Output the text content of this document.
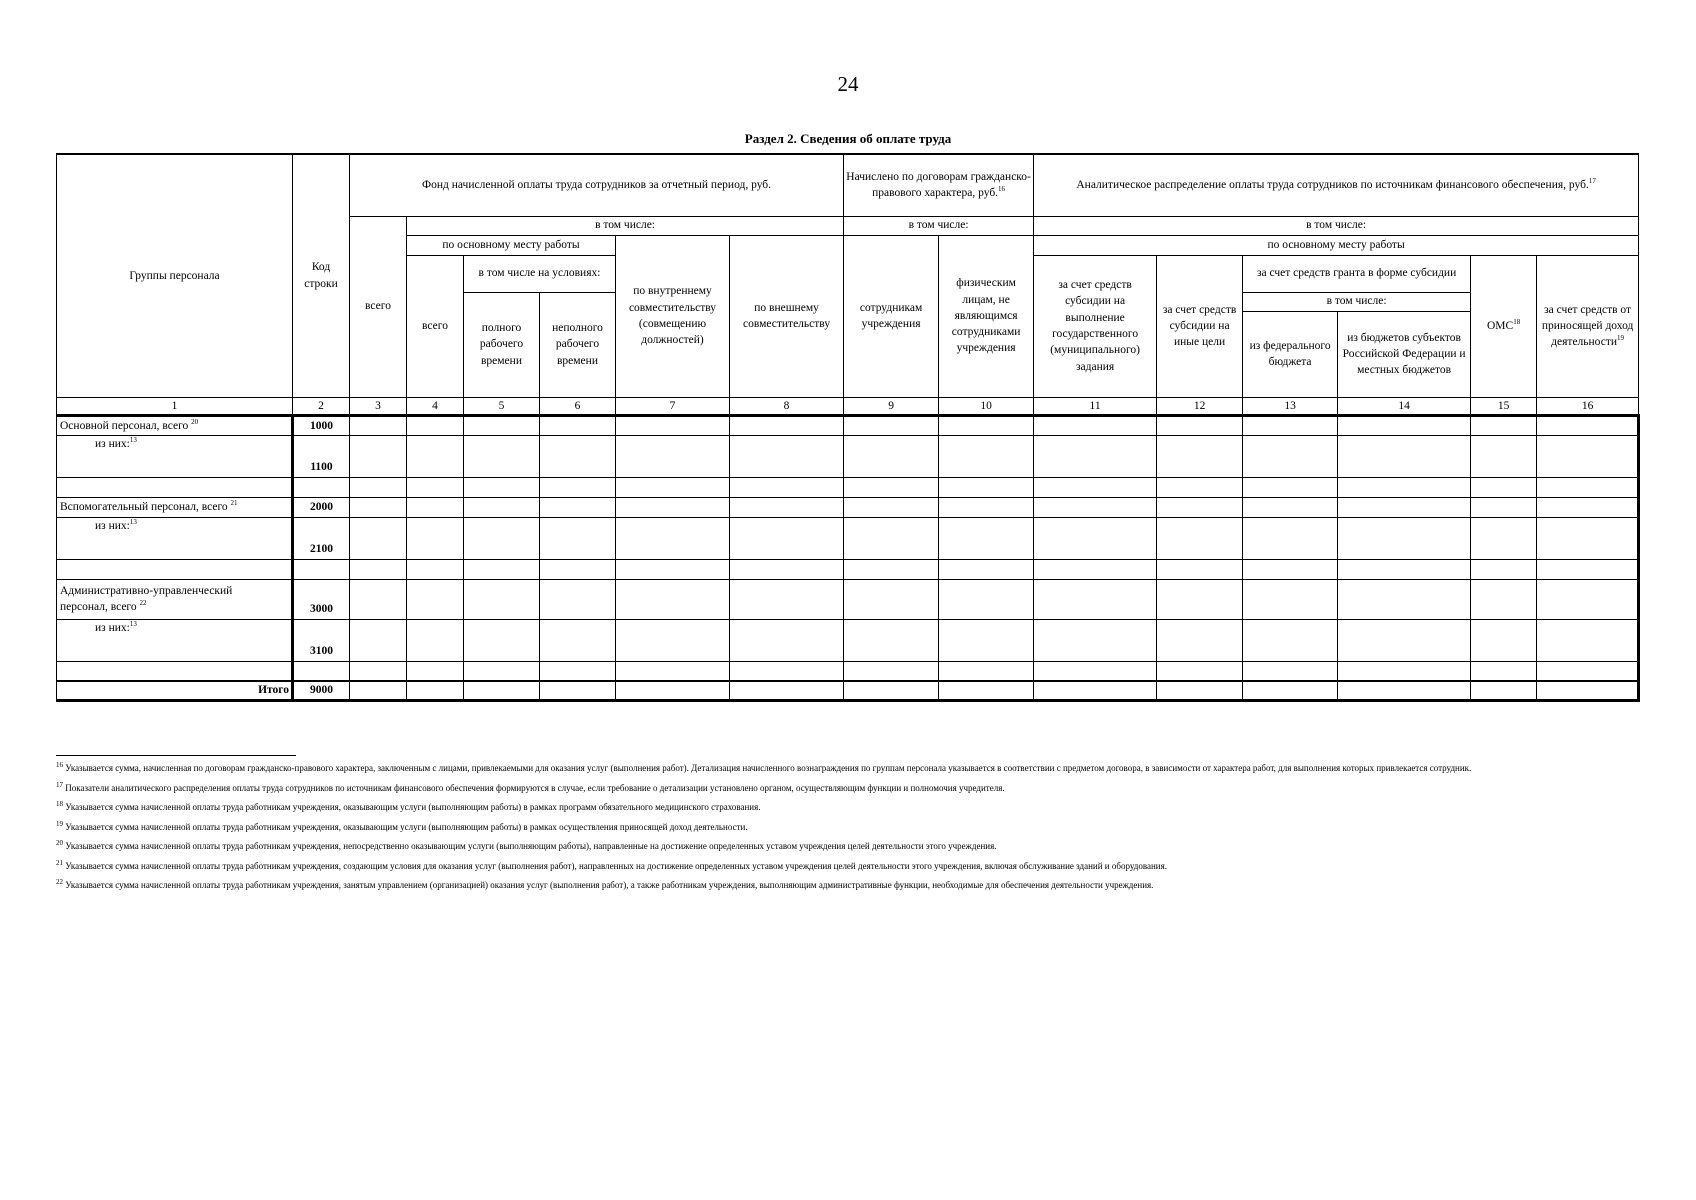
24
Раздел 2. Сведения об оплате труда
Группы персонала	Код строки	Фонд начисленной оплаты труда сотрудников за отчетный период, руб.						Начислено по договорам гражданско-правового характера, руб.$^{16}$		Аналитическое распределение оплаты труда сотрудников по источникам финансового обеспечения, руб.$^{17}$
		всего	в том числе:					в том числе:		в том числе:					
			по основному месту работы			по внутреннему совместительству (совмещению должностей)	по внешнему совместительству	сотрудникам учреждения	физическим лицам, не являющимся сотрудниками учреждения	по основному месту работы					
			всего	в том числе на условиях:						за счет средств субсидии на выполнение государственного (муниципального) задания	за счет средств субсидии на иные цели	за счет средств гранта в форме субсидии		ОМС$^{18}$	за счет средств от приносящей доход деятельности$^{19}$
				полного рабочего времени	неполного рабочего времени							в том числе:			
												из федерального бюджета	из бюджетов субъектов Российской Федерации и местных бюджетов		
1	2	3	4	5	6	7	8	9	10	11	12	13	14	15	16
Основной персонал, всего $^{20}$	1000														
из них:$^{13}$	1100														

Вспомогательный персонал, всего $^{21}$	2000														
из них:$^{13}$	2100														

Административно-управленческий
персонал, всего $^{22}$	3000														
из них:$^{13}$	3100														

Итого	9000														

$^{16}$ Указывается сумма, начисленная по договорам гражданско-правового характера, заключенным с лицами, привлекаемыми для оказания услуг (выполнения работ). Детализация начисленного вознаграждения по группам персонала указывается в соответствии с предметом договора, в зависимости от характера работ, для выполнения которых привлекается сотрудник.

$^{17}$ Показатели аналитического распределения оплаты труда сотрудников по источникам финансового обеспечения формируются в случае, если требование о детализации установлено органом, осуществляющим функции и полномочия учредителя.

$^{18}$ Указывается сумма начисленной оплаты труда работникам учреждения, оказывающим услуги (выполняющим работы) в рамках программ обязательного медицинского страхования.

$^{19}$ Указывается сумма начисленной оплаты труда работникам учреждения, оказывающим услуги (выполняющим работы) в рамках осуществления приносящей доход деятельности.

$^{20}$ Указывается сумма начисленной оплаты труда работникам учреждения, непосредственно оказывающим услуги (выполняющим работы), направленные на достижение определенных уставом учреждения целей деятельности этого учреждения.

$^{21}$ Указывается сумма начисленной оплаты труда работникам учреждения, создающим условия для оказания услуг (выполнения работ), направленных на достижение определенных уставом учреждения целей деятельности этого учреждения, включая обслуживание зданий и оборудования.

$^{22}$ Указывается сумма начисленной оплаты труда работникам учреждения, занятым управлением (организацией) оказания услуг (выполнения работ), а также работникам учреждения, выполняющим административные функции, необходимые для обеспечения деятельности учреждения.
